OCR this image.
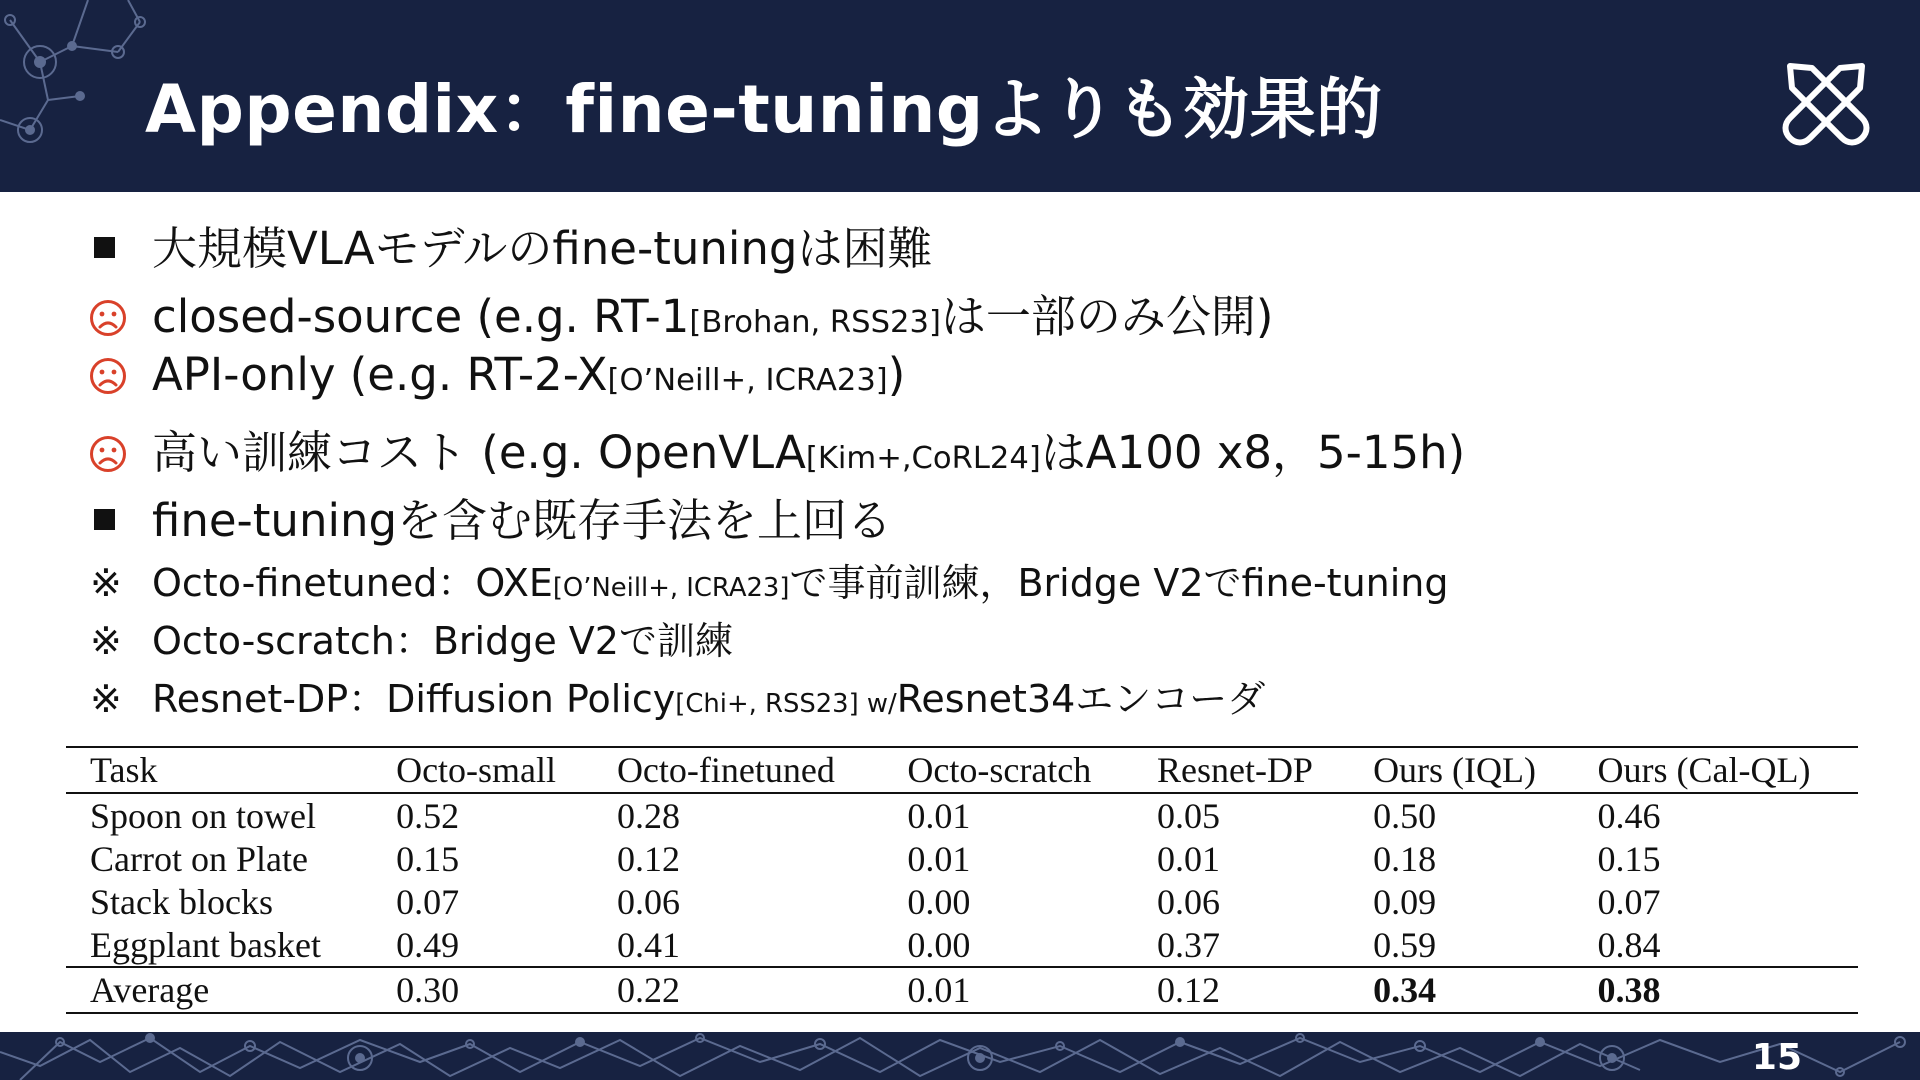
Appendix：fine-tuningよりも効果的
大規模VLAモデルのfine-tuningは困難
closed-source (e.g. RT-1 [Brohan, RSS23] は一部のみ公開)
API-only (e.g. RT-2-X [O’Neill+, ICRA23] )
高い訓練コスト (e.g. OpenVLA [Kim+,CoRL24] はA100 x8，5-15h)
fine-tuningを含む既存手法を上回る
※ Octo-finetuned：OXE [O’Neill+, ICRA23] で事前訓練，Bridge V2でfine-tuning
※ Octo-scratch：Bridge V2で訓練
※ Resnet-DP：Diffusion Policy [Chi+, RSS23] w/ Resnet34エンコーダ
Task	Octo-small	Octo-finetuned	Octo-scratch	Resnet-DP	Ours (IQL)	Ours (Cal-QL)
Spoon on towel	0.52	0.28	0.01	0.05	0.50	0.46
Carrot on Plate	0.15	0.12	0.01	0.01	0.18	0.15
Stack blocks	0.07	0.06	0.00	0.06	0.09	0.07
Eggplant basket	0.49	0.41	0.00	0.37	0.59	0.84
Average	0.30	0.22	0.01	0.12	0.34	0.38
15
